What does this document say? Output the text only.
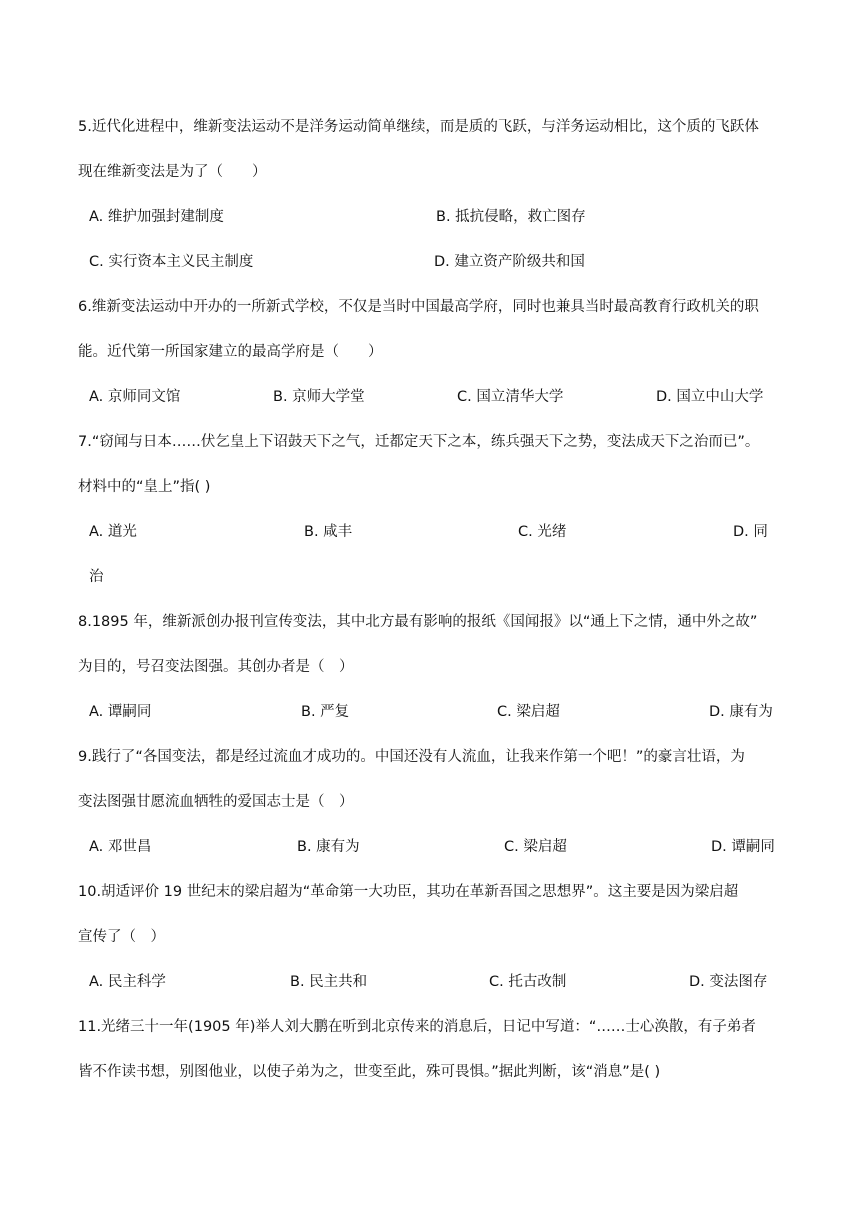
5.近代化进程中，维新变法运动不是洋务运动简单继续，而是质的飞跃，与洋务运动相比，这个质的飞跃体
现在维新变法是为了（　　）
A. 维护加强封建制度	B. 抵抗侵略，救亡图存
C. 实行资本主义民主制度	D. 建立资产阶级共和国
6.维新变法运动中开办的一所新式学校，不仅是当时中国最高学府，同时也兼具当时最高教育行政机关的职
能。近代第一所国家建立的最高学府是（　　）
A. 京师同文馆	B. 京师大学堂	C. 国立清华大学	D. 国立中山大学
7.“窃闻与日本……伏乞皇上下诏鼓天下之气，迁都定天下之本，练兵强天下之势，变法成天下之治而已”。
材料中的“皇上”指( )
A. 道光	B. 咸丰	C. 光绪	D. 同
治
8.1895 年，维新派创办报刊宣传变法，其中北方最有影响的报纸《国闻报》以“通上下之情，通中外之故”
为目的，号召变法图强。其创办者是（　）
A. 谭嗣同	B. 严复	C. 梁启超	D. 康有为
9.践行了“各国变法，都是经过流血才成功的。中国还没有人流血，让我来作第一个吧！”的豪言壮语，为
变法图强甘愿流血牺牲的爱国志士是（　）
A. 邓世昌	B. 康有为	C. 梁启超	D. 谭嗣同
10.胡适评价 19 世纪末的梁启超为“革命第一大功臣，其功在革新吾国之思想界”。这主要是因为梁启超
宣传了（　）
A. 民主科学	B. 民主共和	C. 托古改制	D. 变法图存
11.光绪三十一年(1905 年)举人刘大鹏在听到北京传来的消息后，日记中写道：“……士心涣散，有子弟者
皆不作读书想，别图他业，以使子弟为之，世变至此，殊可畏惧。”据此判断，该“消息”是( )
